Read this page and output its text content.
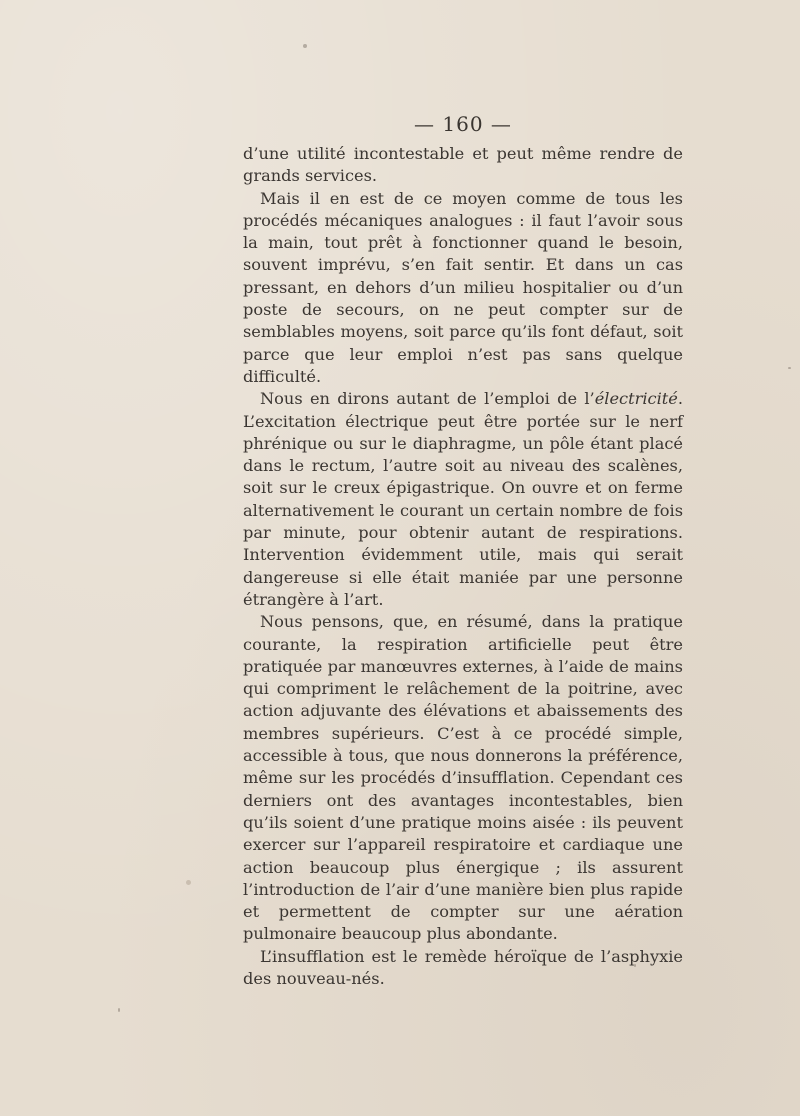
— 160 —

d’une utilité incontestable et peut même rendre de grands services.

Mais il en est de ce moyen comme de tous les procédés mécaniques analogues : il faut l’avoir sous la main, tout prêt à fonctionner quand le besoin, souvent imprévu, s’en fait sentir. Et dans un cas pressant, en dehors d’un milieu hospitalier ou d’un poste de secours, on ne peut compter sur de semblables moyens, soit parce qu’ils font défaut, soit parce que leur emploi n’est pas sans quelque difficulté.

Nous en dirons autant de l’emploi de l’électricité. L’excitation électrique peut être portée sur le nerf phrénique ou sur le diaphragme, un pôle étant placé dans le rectum, l’autre soit au niveau des scalènes, soit sur le creux épigastrique. On ouvre et on ferme alternativement le courant un certain nombre de fois par minute, pour obtenir autant de respirations. Intervention évidemment utile, mais qui serait dangereuse si elle était maniée par une personne étrangère à l’art.

Nous pensons, que, en résumé, dans la pratique courante, la respiration artificielle peut être pratiquée par manœuvres externes, à l’aide de mains qui compriment le relâchement de la poitrine, avec action adjuvante des élévations et abaissements des membres supérieurs. C’est à ce procédé simple, accessible à tous, que nous donnerons la préférence, même sur les procédés d’insufflation. Cependant ces derniers ont des avantages incontestables, bien qu’ils soient d’une pratique moins aisée : ils peuvent exercer sur l’appareil respiratoire et cardiaque une action beaucoup plus énergique ; ils assurent l’introduction de l’air d’une manière bien plus rapide et permettent de compter sur une aération pulmonaire beaucoup plus abondante.

L’insufflation est le remède héroïque de l’asphyxie des nouveau-nés.
